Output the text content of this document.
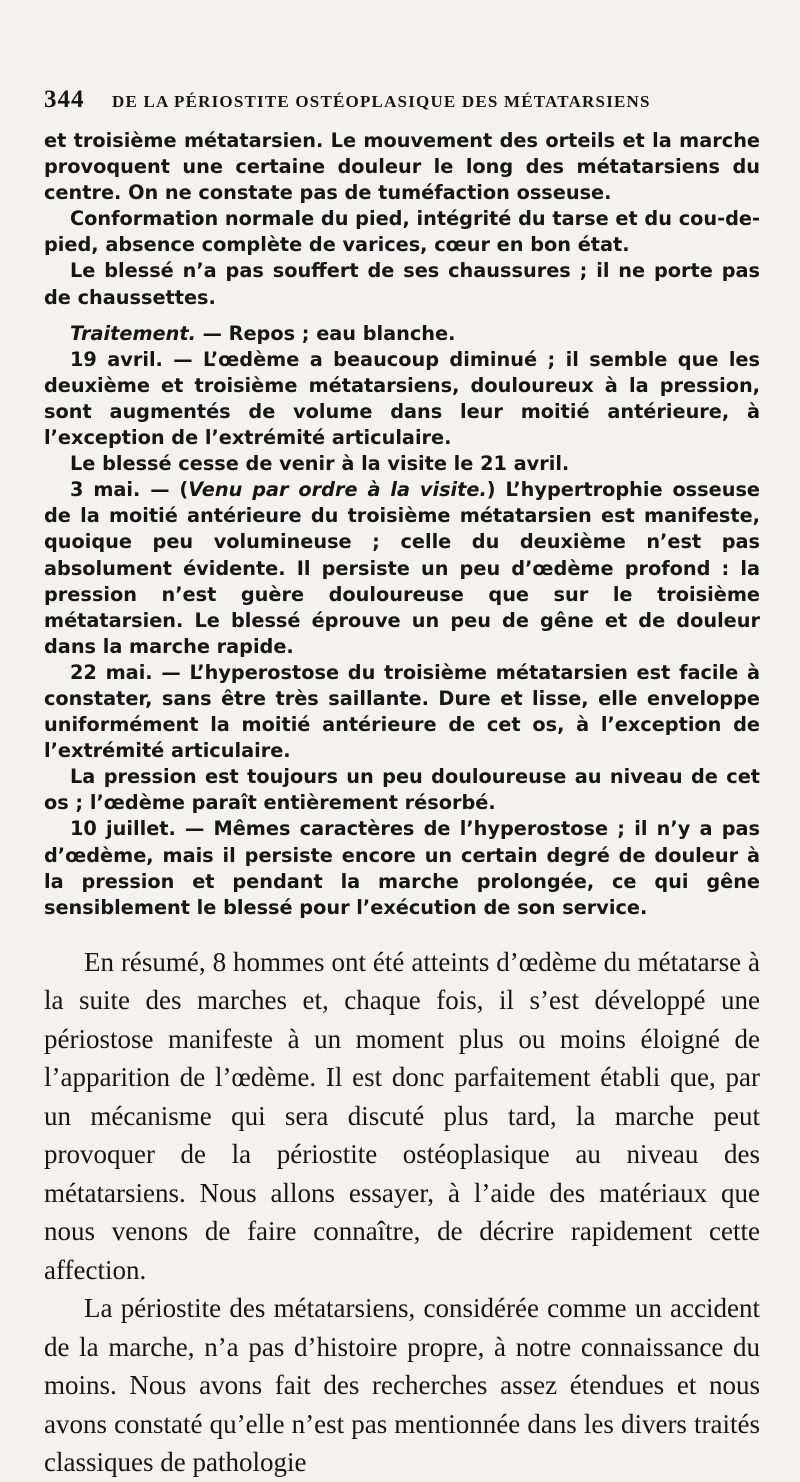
344	DE LA PÉRIOSTITE OSTÉOPLASIQUE DES MÉTATARSIENS

et troisième métatarsien. Le mouvement des orteils et la marche provoquent une certaine douleur le long des métatarsiens du centre. On ne constate pas de tuméfaction osseuse.

Conformation normale du pied, intégrité du tarse et du cou-de-pied, absence complète de varices, cœur en bon état.

Le blessé n’a pas souffert de ses chaussures ; il ne porte pas de chaussettes.

Traitement. — Repos ; eau blanche.

19 avril. — L’œdème a beaucoup diminué ; il semble que les deuxième et troisième métatarsiens, douloureux à la pression, sont augmentés de volume dans leur moitié antérieure, à l’exception de l’extrémité articulaire.

Le blessé cesse de venir à la visite le 21 avril.

3 mai. — (Venu par ordre à la visite.) L’hypertrophie osseuse de la moitié antérieure du troisième métatarsien est manifeste, quoique peu volumineuse ; celle du deuxième n’est pas absolument évidente. Il persiste un peu d’œdème profond : la pression n’est guère douloureuse que sur le troisième métatarsien. Le blessé éprouve un peu de gêne et de douleur dans la marche rapide.

22 mai. — L’hyperostose du troisième métatarsien est facile à constater, sans être très saillante. Dure et lisse, elle enveloppe uniformément la moitié antérieure de cet os, à l’exception de l’extrémité articulaire.

La pression est toujours un peu douloureuse au niveau de cet os ; l’œdème paraît entièrement résorbé.

10 juillet. — Mêmes caractères de l’hyperostose ; il n’y a pas d’œdème, mais il persiste encore un certain degré de douleur à la pression et pendant la marche prolongée, ce qui gêne sensiblement le blessé pour l’exécution de son service.

En résumé, 8 hommes ont été atteints d’œdème du métatarse à la suite des marches et, chaque fois, il s’est développé une périostose manifeste à un moment plus ou moins éloigné de l’apparition de l’œdème. Il est donc parfaitement établi que, par un mécanisme qui sera discuté plus tard, la marche peut provoquer de la périostite ostéoplasique au niveau des métatarsiens. Nous allons essayer, à l’aide des matériaux que nous venons de faire connaître, de décrire rapidement cette affection.

La périostite des métatarsiens, considérée comme un accident de la marche, n’a pas d’histoire propre, à notre connaissance du moins. Nous avons fait des recherches assez étendues et nous avons constaté qu’elle n’est pas mentionnée dans les divers traités classiques de pathologie
